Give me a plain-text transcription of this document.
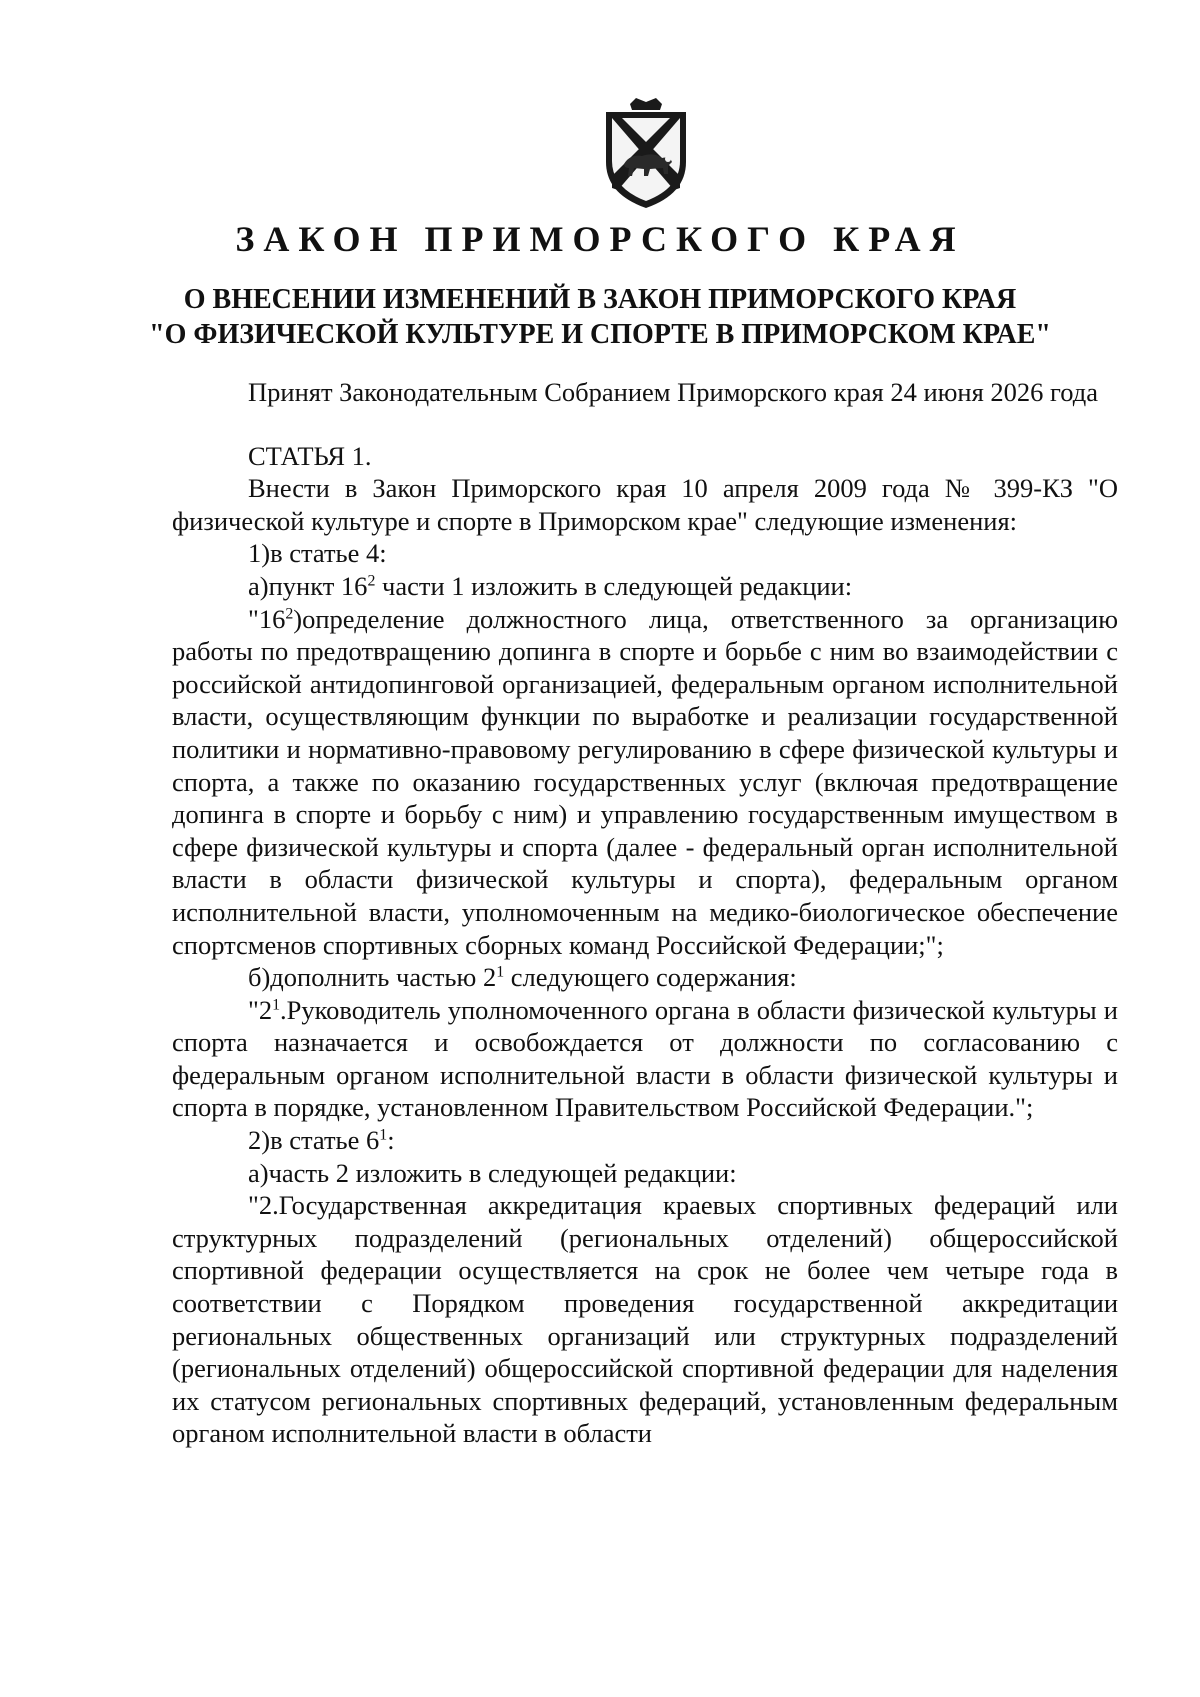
ЗАКОН ПРИМОРСКОГО КРАЯ
О ВНЕСЕНИИ ИЗМЕНЕНИЙ В ЗАКОН ПРИМОРСКОГО КРАЯ
"О ФИЗИЧЕСКОЙ КУЛЬТУРЕ И СПОРТЕ В ПРИМОРСКОМ КРАЕ"

Принят Законодательным Собранием Приморского края 24 июня 2026 года

СТАТЬЯ 1.

Внести в Закон Приморского края 10 апреля 2009 года № 399-КЗ "О физической культуре и спорте в Приморском крае" следующие изменения:

1)в статье 4:

а)пункт $16^2$ части 1 изложить в следующей редакции:

"$16^2)определение$ должностного лица, ответственного за организацию работы по предотвращению допинга в спорте и борьбе с ним во взаимодействии с российской антидопинговой организацией, федеральным органом исполнительной власти, осуществляющим функции по выработке и реализации государственной политики и нормативно-правовому регулированию в сфере физической культуры и спорта, а также по оказанию государственных услуг (включая предотвращение допинга в спорте и борьбу с ним) и управлению государственным имуществом в сфере физической культуры и спорта (далее - федеральный орган исполнительной власти в области физической культуры и спорта), федеральным органом исполнительной власти, уполномоченным на медико-биологическое обеспечение спортсменов спортивных сборных команд Российской Федерации;";

б)дополнить частью $2^1$ следующего содержания:

"$2^1.Руководитель$ уполномоченного органа в области физической культуры и спорта назначается и освобождается от должности по согласованию с федеральным органом исполнительной власти в области физической культуры и спорта в порядке, установленном Правительством Российской Федерации.";

2)в статье $6^1$:

а)часть 2 изложить в следующей редакции:

"2.Государственная аккредитация краевых спортивных федераций или структурных подразделений (региональных отделений) общероссийской спортивной федерации осуществляется на срок не более чем четыре года в соответствии с Порядком проведения государственной аккредитации региональных общественных организаций или структурных подразделений (региональных отделений) общероссийской спортивной федерации для наделения их статусом региональных спортивных федераций, установленным федеральным органом исполнительной власти в области
